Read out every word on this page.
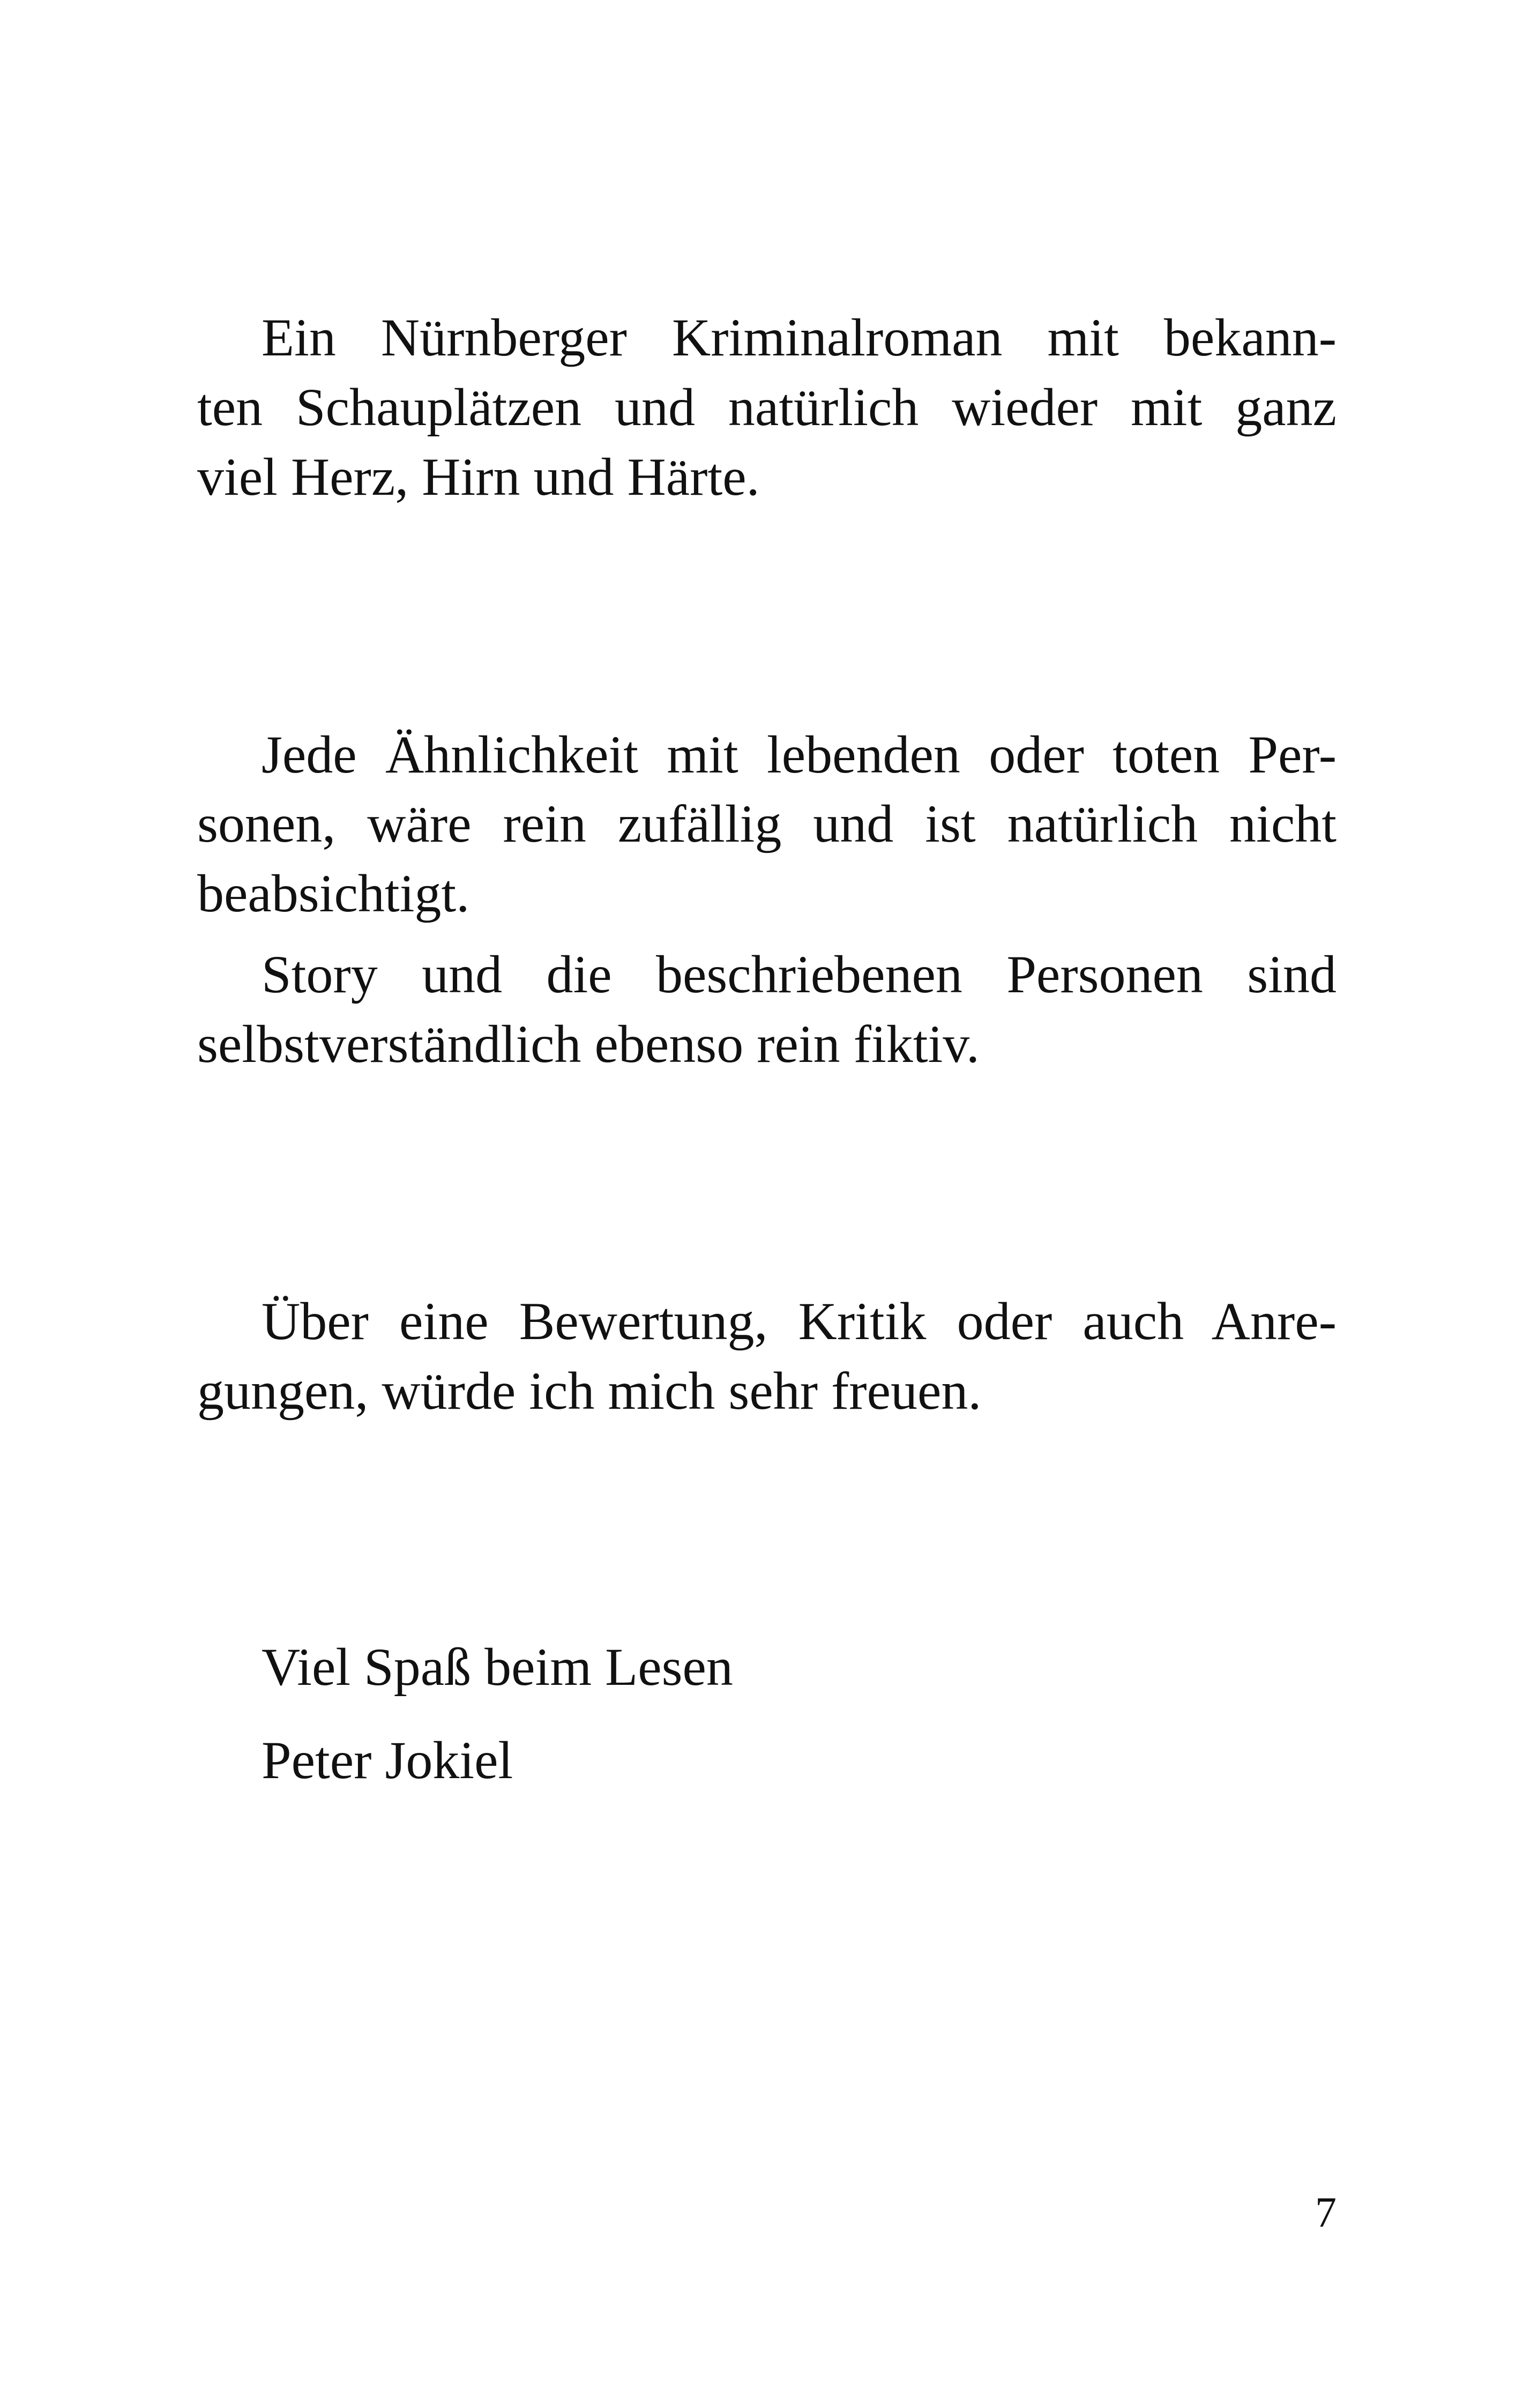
Ein Nürnberger Kriminalroman mit bekann-
ten Schauplätzen und natürlich wieder mit ganz
viel Herz, Hirn und Härte.
Jede Ähnlichkeit mit lebenden oder toten Per-
sonen, wäre rein zufällig und ist natürlich nicht
beabsichtigt.
Story und die beschriebenen Personen sind
selbstverständlich ebenso rein fiktiv.
Über eine Bewertung, Kritik oder auch Anre-
gungen, würde ich mich sehr freuen.
Viel Spaß beim Lesen
Peter Jokiel
7
